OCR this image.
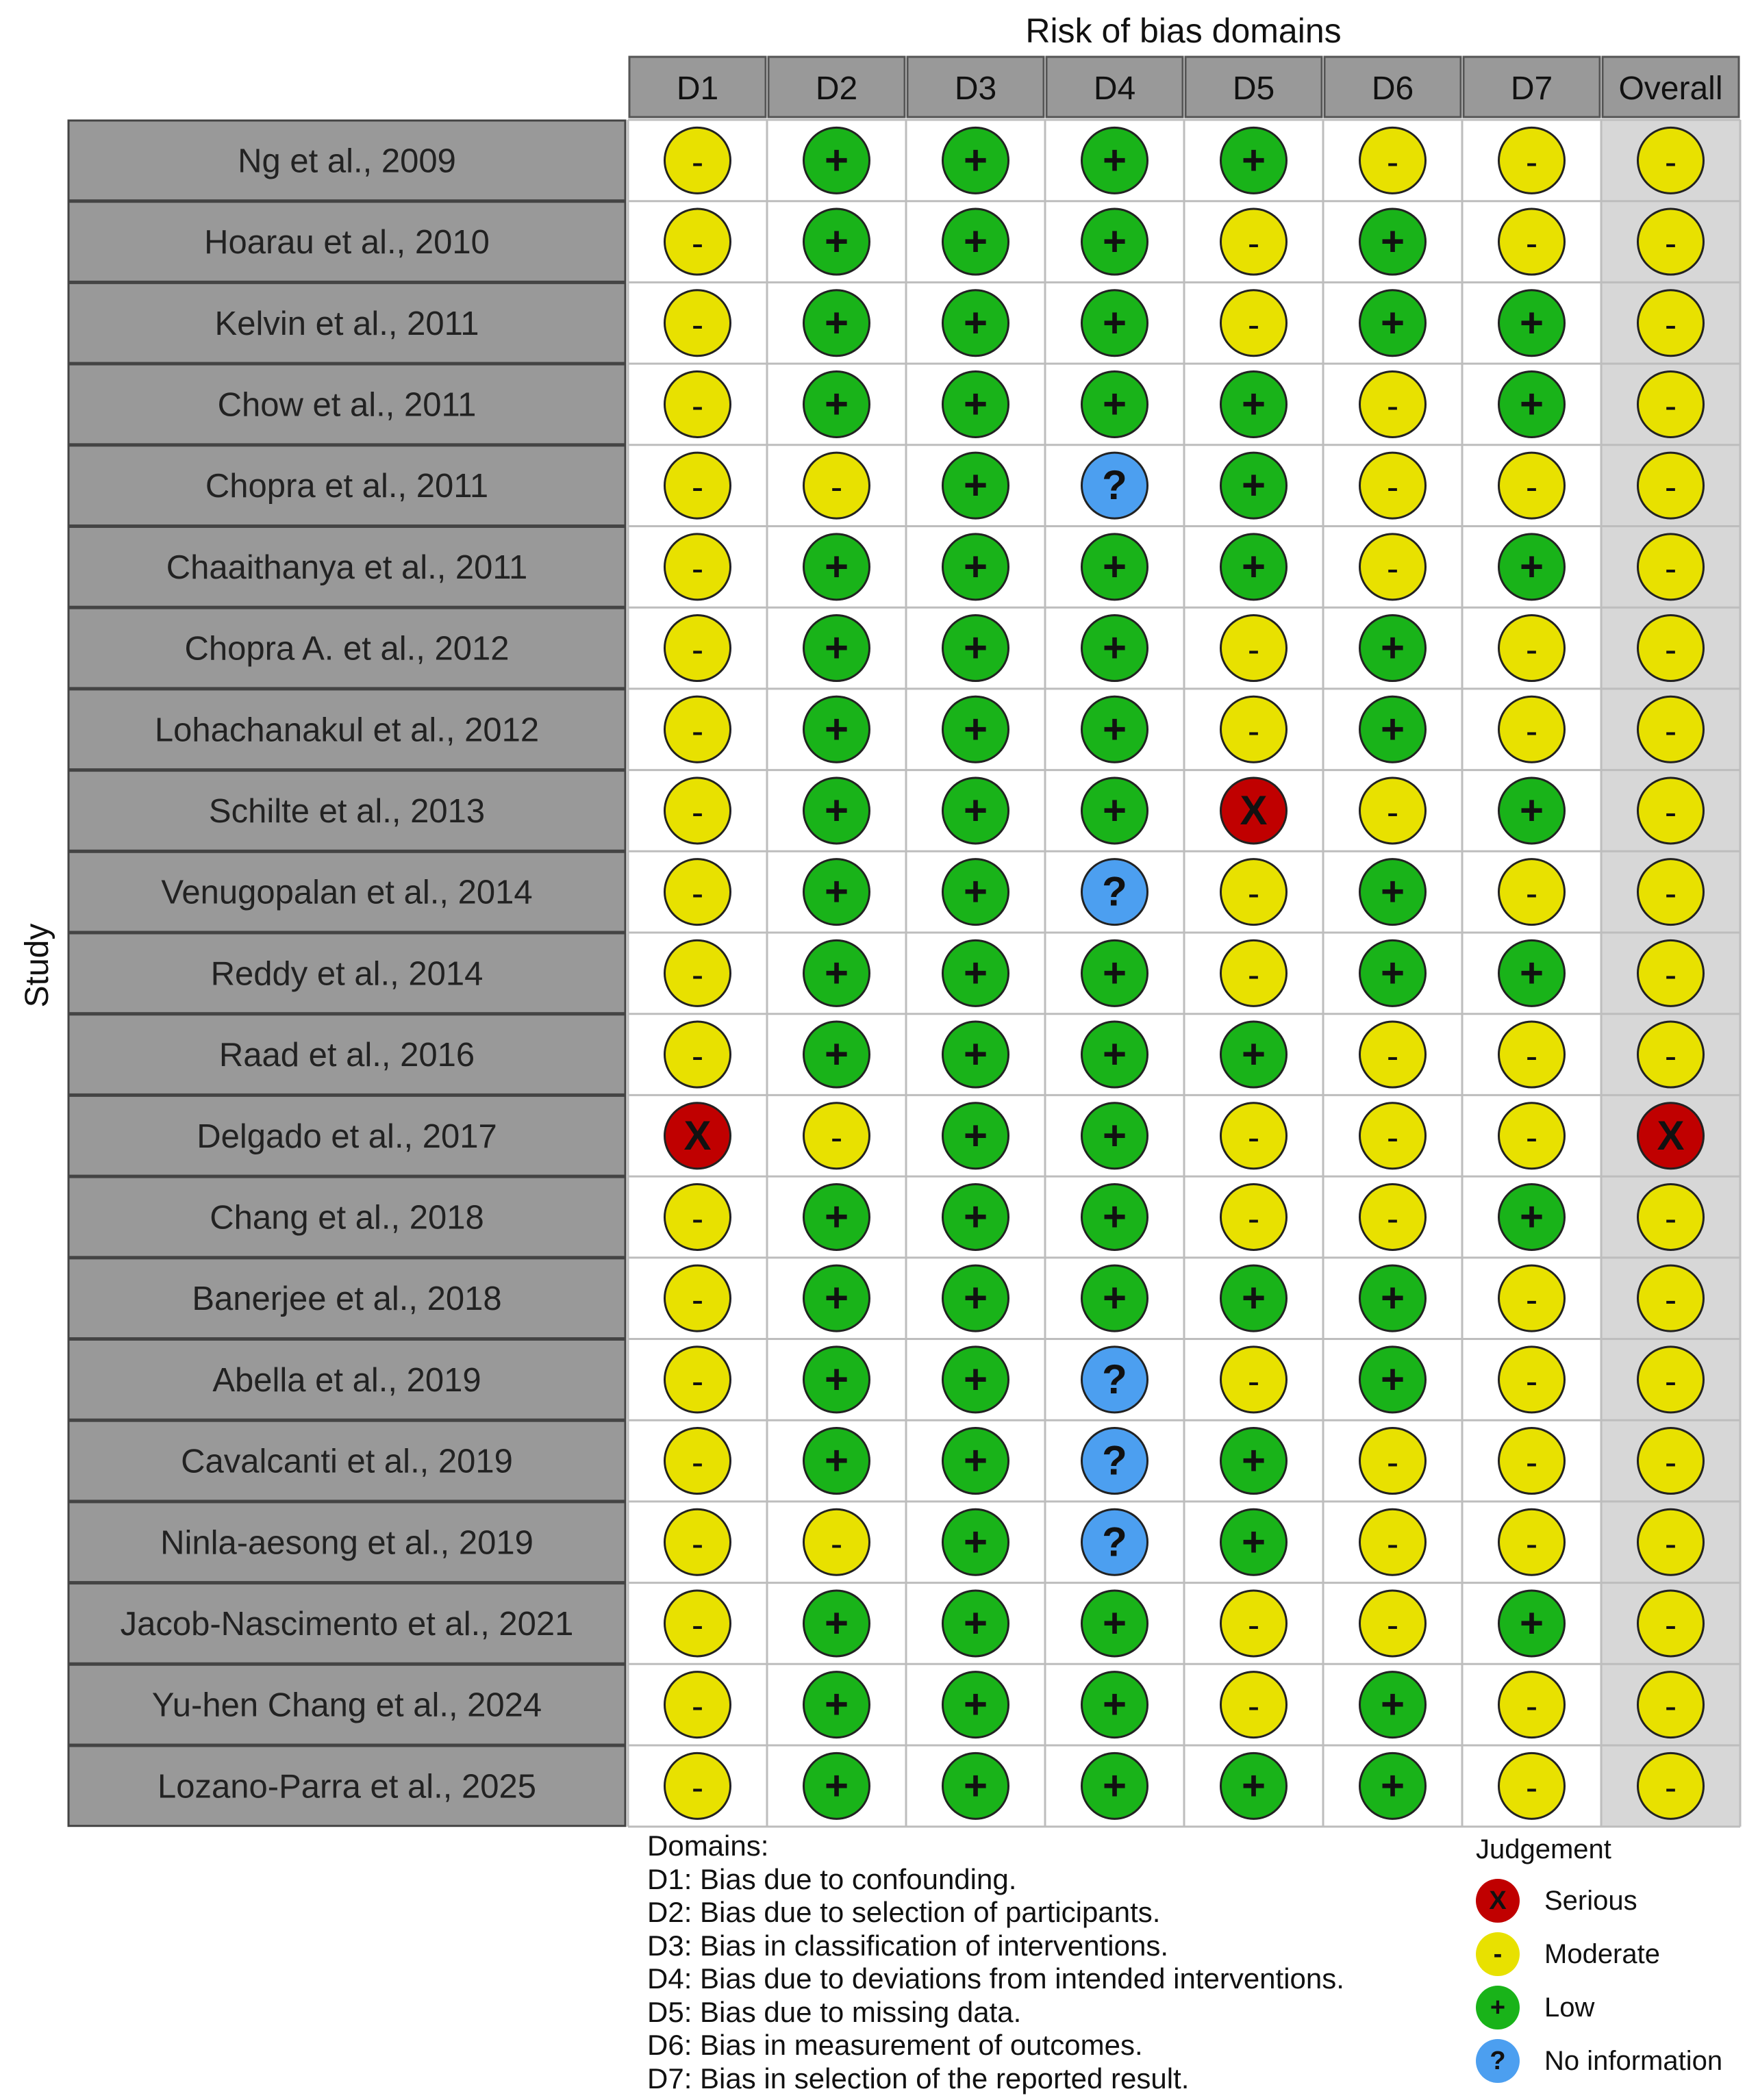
Risk of bias domains
Study
D1	D2	D3	D4	D5	D6	D7 Overall
Ng et al., 2009	-	+	+	+	+	-	-	-
Hoarau et al., 2010	-	+	+	+	-	+	-	-
Kelvin et al., 2011	-	+	+	+	-	+	+	-
Chow et al., 2011	-	+	+	+	+	-	+	-
Chopra et al., 2011	-	-	+	?	+	-	-	-
Chaaithanya et al., 2011	-	+	+	+	+	-	+	-
Chopra A. et al., 2012	-	+	+	+	-	+	-	-
Lohachanakul et al., 2012	-	+	+	+	-	+	-	-
Schilte et al., 2013	-	+	+	+	X	-	+	-
Venugopalan et al., 2014	-	+	+	?	-	+	-	-
Reddy et al., 2014	-	+	+	+	-	+	+	-
Raad et al., 2016	-	+	+	+	+	-	-	-
Delgado et al., 2017	X	-	+	+	-	-	-	X
Chang et al., 2018	-	+	+	+	-	-	+	-
Banerjee et al., 2018	-	+	+	+	+	+	-	-
Abella et al., 2019	-	+	+	?	-	+	-	-
Cavalcanti et al., 2019	-	+	+	?	+	-	-	-
Ninla-aesong et al., 2019	-	-	+	?	+	-	-	-
Jacob-Nascimento et al., 2021	-	+	+	+	-	-	+	-
Yu-hen Chang et al., 2024	-	+	+	+	-	+	-	-
Lozano-Parra et al., 2025	-	+	+	+	+	+	-	-
Domains:
D1: Bias due to confounding.
D2: Bias due to selection of participants.
D3: Bias in classification of interventions.
D4: Bias due to deviations from intended interventions.
D5: Bias due to missing data.
D6: Bias in measurement of outcomes.
D7: Bias in selection of the reported result.
Judgement
X	Serious
-	Moderate
+	Low
?	No information
